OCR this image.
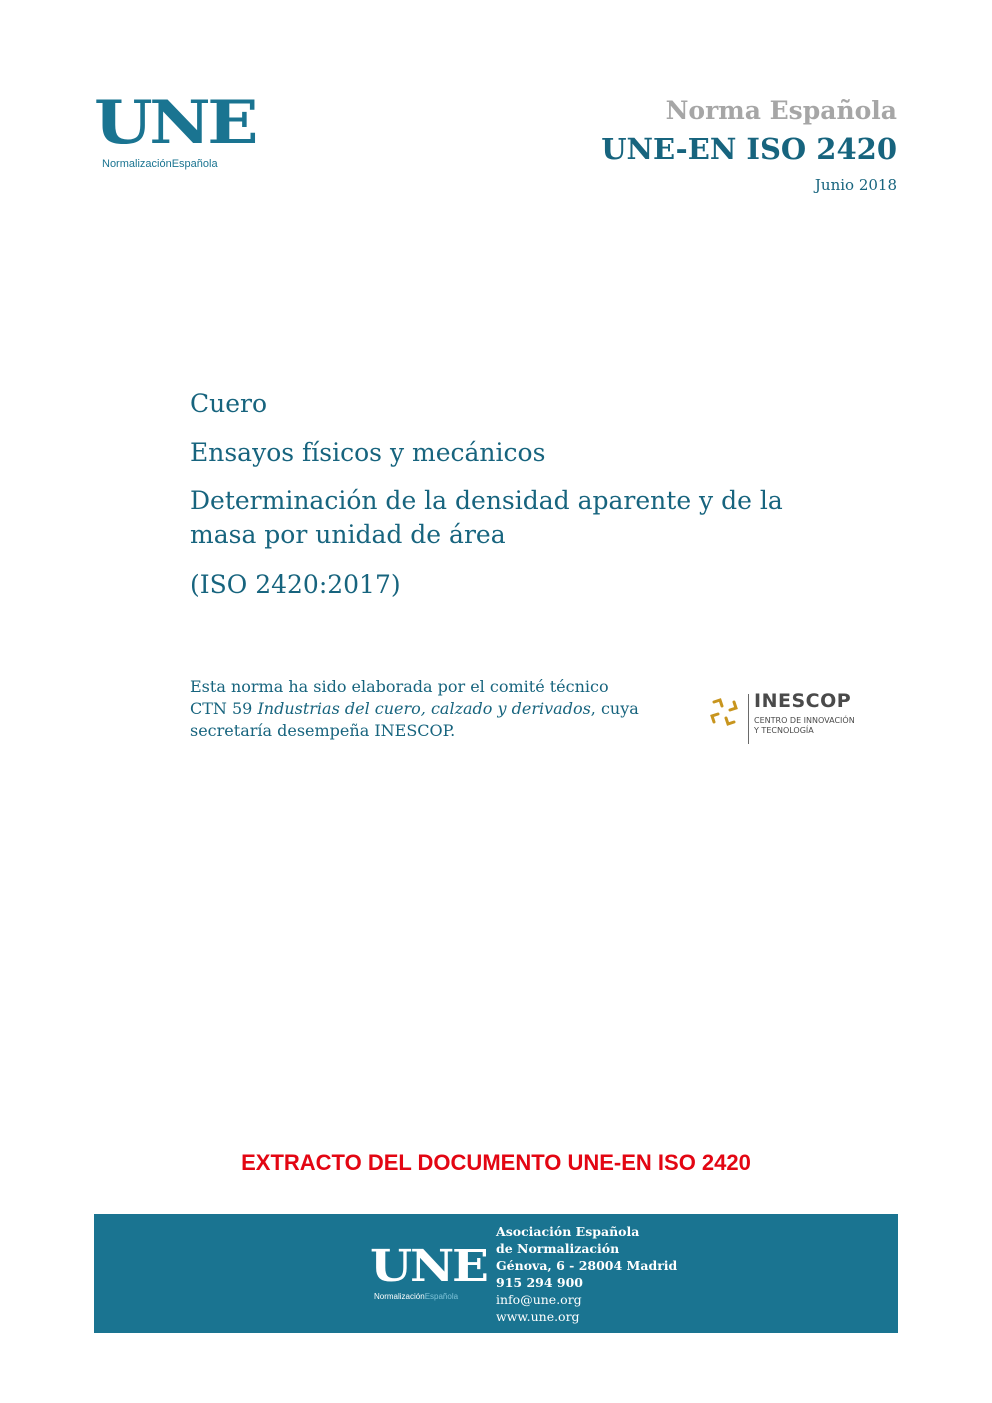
UNE
NormalizaciónEspañola
Norma Española
UNE-EN ISO 2420
Junio 2018
Cuero
Ensayos físicos y mecánicos
Determinación de la densidad aparente y de la masa por unidad de área
(ISO 2420:2017)
Esta norma ha sido elaborada por el comité técnico
CTN 59 Industrias del cuero, calzado y derivados, cuya
secretaría desempeña INESCOP.
INESCOP
CENTRO DE INNOVACIÓN
Y TECNOLOGÍA
EXTRACTO DEL DOCUMENTO UNE-EN ISO 2420
UNE
NormalizaciónEspañola
Asociación Española
de Normalización
Génova, 6 - 28004 Madrid
915 294 900
info@une.org
www.une.org
